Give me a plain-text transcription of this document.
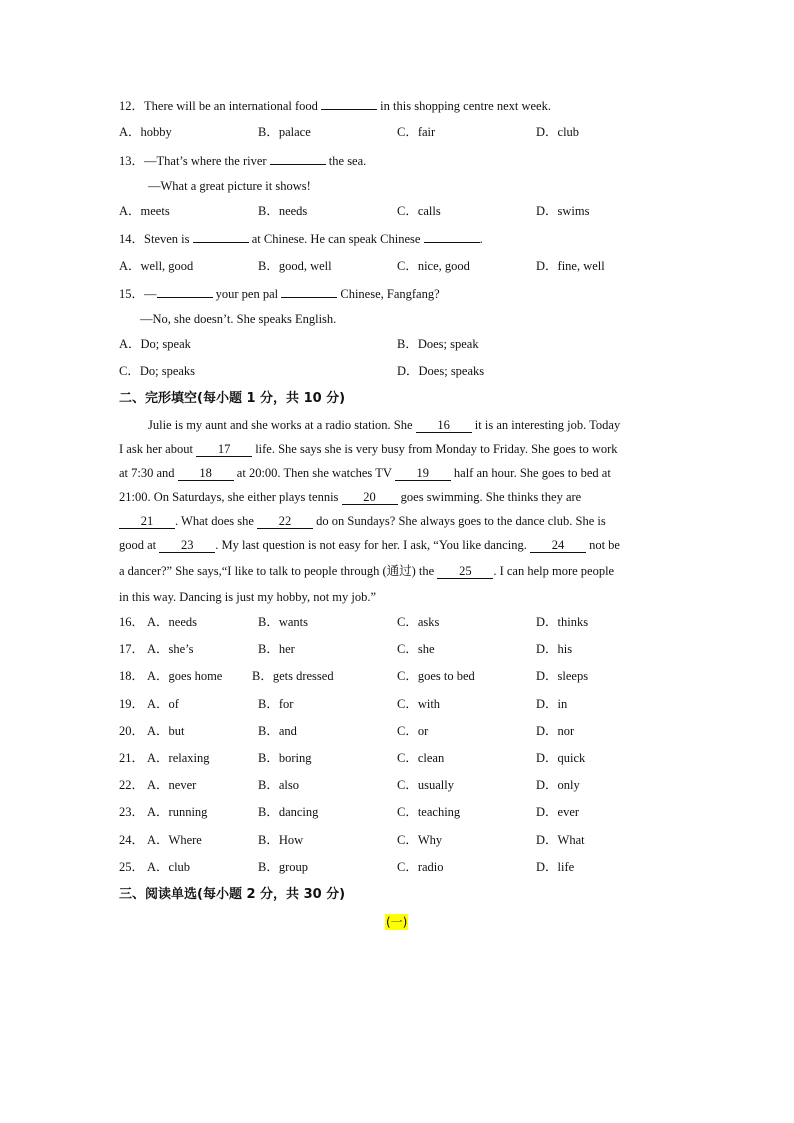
12．There will be an international food	in this shopping centre next week.
A．hobby	B．palace	C．fair	D．club
13．—That’s where the river	the sea.
—What a great picture it shows!
A．meets	B．needs	C．calls	D．swims
14．Steven is	at Chinese. He can speak Chinese	.
A．well, good	B．good, well	C．nice, good	D．fine, well
15．—	your pen pal	Chinese, Fangfang?
—No, she doesn’t. She speaks English.
A．Do; speak	B．Does; speak
C．Do; speaks	D．Does; speaks
二、完形填空(每小题 1 分，共 10 分)
Julie is my aunt and she works at a radio station. She 16 it is an interesting job. Today
I ask her about 17 life. She says she is very busy from Monday to Friday. She goes to work
at 7:30 and 18 at 20:00. Then she watches TV 19 half an hour. She goes to bed at
21:00. On Saturdays, she either plays tennis 20 goes swimming. She thinks they are
21 . What does she 22 do on Sundays? She always goes to the dance club. She is
good at 23 . My last question is not easy for her. I ask, “You like dancing. 24 not be
a dancer?” She says,“I like to talk to people through (通过) the 25 . I can help more people
in this way. Dancing is just my hobby, not my job.”
16． A．needs	B．wants	C．asks	D．thinks
17． A．she’s	B．her	C．she	D．his
18． A．goes home B．gets dressed	C．goes to bed	D．sleeps
19． A．of	B．for	C．with	D．in
20． A．but	B．and	C．or	D．nor
21． A．relaxing	B．boring	C．clean	D．quick
22． A．never	B．also	C．usually	D．only
23． A．running	B．dancing	C．teaching	D．ever
24． A．Where	B．How	C．Why	D．What
25． A．club	B．group	C．radio	D．life
三、阅读单选(每小题 2 分，共 30 分)
(一)
